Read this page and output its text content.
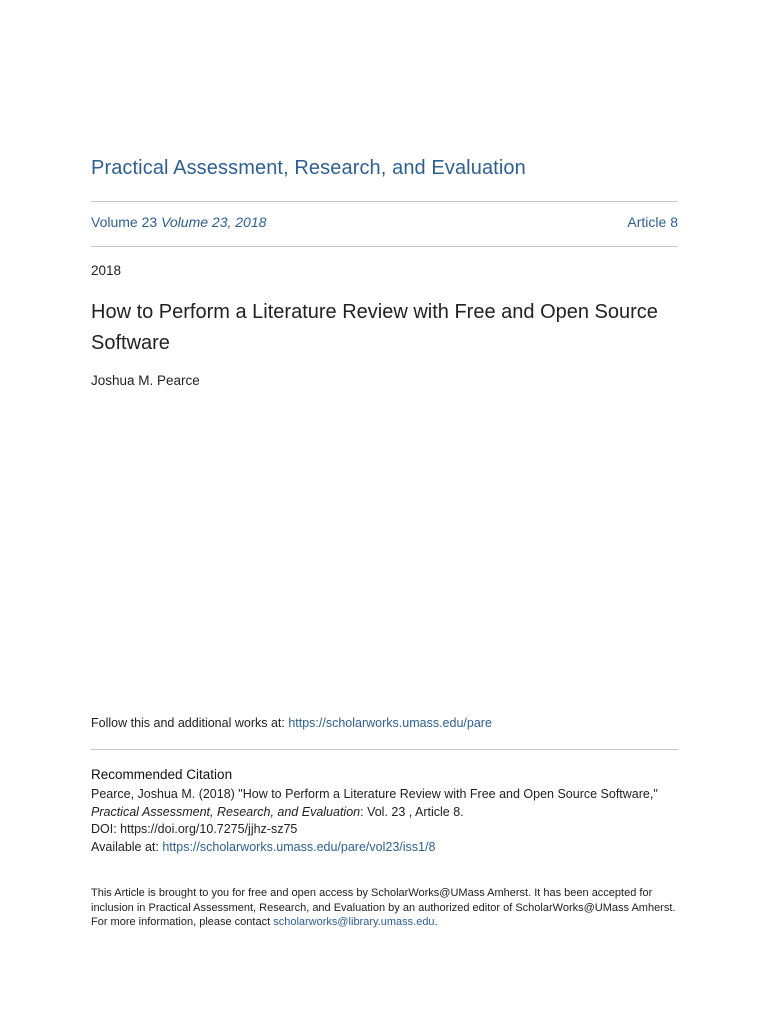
Practical Assessment, Research, and Evaluation
Volume 23 Volume 23, 2018	Article 8
2018
How to Perform a Literature Review with Free and Open Source Software
Joshua M. Pearce
Follow this and additional works at: https://scholarworks.umass.edu/pare
Recommended Citation
Pearce, Joshua M. (2018) "How to Perform a Literature Review with Free and Open Source Software,"
Practical Assessment, Research, and Evaluation: Vol. 23 , Article 8.
DOI: https://doi.org/10.7275/jjhz-sz75
Available at: https://scholarworks.umass.edu/pare/vol23/iss1/8
This Article is brought to you for free and open access by ScholarWorks@UMass Amherst. It has been accepted for inclusion in Practical Assessment, Research, and Evaluation by an authorized editor of ScholarWorks@UMass Amherst. For more information, please contact scholarworks@library.umass.edu.
